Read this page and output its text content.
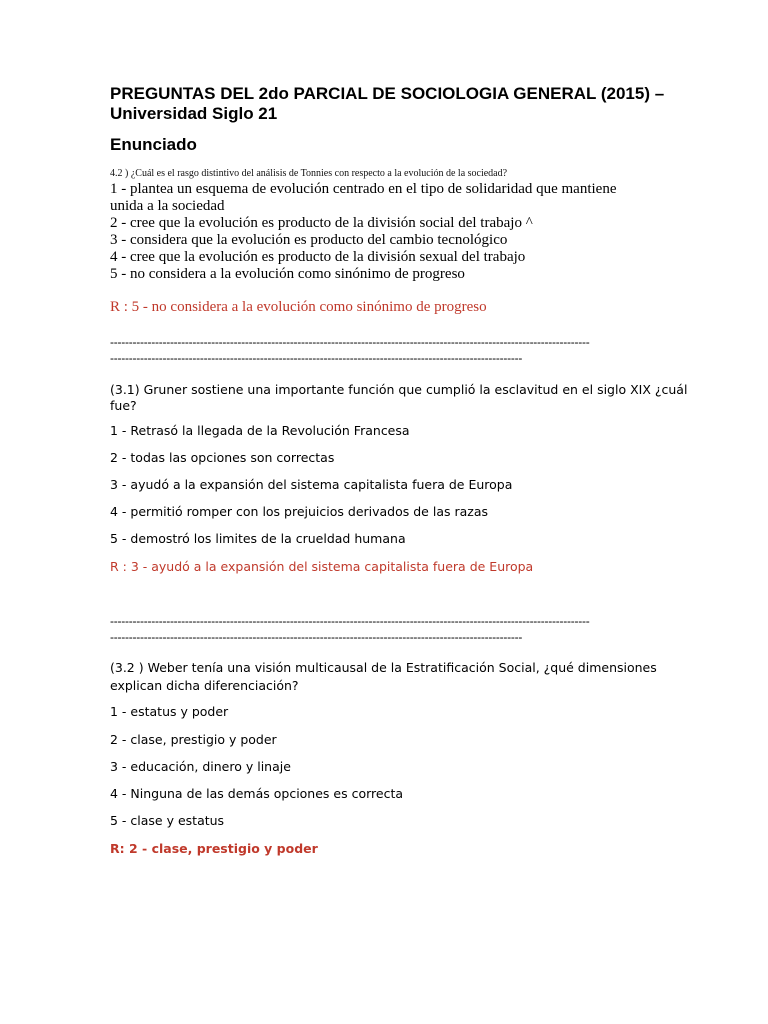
PREGUNTAS DEL 2do PARCIAL DE SOCIOLOGIA GENERAL (2015) –

Universidad Siglo 21

Enunciado

4.2 ) ¿Cuál es el rasgo distintivo del análisis de Tonnies con respecto a la evolución de la sociedad?

1 - plantea un esquema de evolución centrado en el tipo de solidaridad que mantiene

unida a la sociedad

2 - cree que la evolución es producto de la división social del trabajo ^

3 - considera que la evolución es producto del cambio tecnológico

4 - cree que la evolución es producto de la división sexual del trabajo

5 - no considera a la evolución como sinónimo de progreso

R : 5 - no considera a la evolución como sinónimo de progreso

--------------------------------------------------------------------------------------------------------------------------------

--------------------------------------------------------------------------------------------------------------

(3.1) Gruner sostiene una importante función que cumplió la esclavitud en el siglo XIX ¿cuál

fue?

1 - Retrasó la llegada de la Revolución Francesa

2 - todas las opciones son correctas

3 - ayudó a la expansión del sistema capitalista fuera de Europa

4 - permitió romper con los prejuicios derivados de las razas

5 - demostró los limites de la crueldad humana

R : 3 - ayudó a la expansión del sistema capitalista fuera de Europa

--------------------------------------------------------------------------------------------------------------------------------

--------------------------------------------------------------------------------------------------------------

(3.2 ) Weber tenía una visión multicausal de la Estratificación Social, ¿qué dimensiones

explican dicha diferenciación?

1 - estatus y poder

2 - clase, prestigio y poder

3 - educación, dinero y linaje

4 - Ninguna de las demás opciones es correcta

5 - clase y estatus

R: 2 - clase, prestigio y poder
